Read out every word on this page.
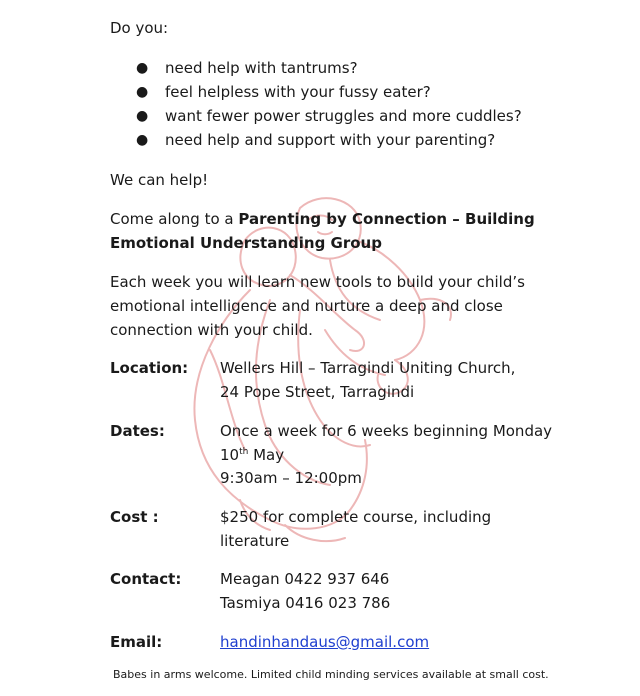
Do you:
● need help with tantrums?
● feel helpless with your fussy eater?
● want fewer power struggles and more cuddles?
● need help and support with your parenting?
We can help!
Come along to a Parenting by Connection – Building
Emotional Understanding Group
Each week you will learn new tools to build your child’s
emotional intelligence and nurture a deep and close
connection with your child.
Location: Wellers Hill – Tarragindi Uniting Church,
24 Pope Street, Tarragindi
Dates:	Once a week for 6 weeks beginning Monday
10th May
9:30am – 12:00pm
Cost :	$250 for complete course, including
literature
Contact:	Meagan 0422 937 646
Tasmiya 0416 023 786
Email:	handinhandaus@gmail.com
Babes in arms welcome. Limited child minding services available at small cost.
